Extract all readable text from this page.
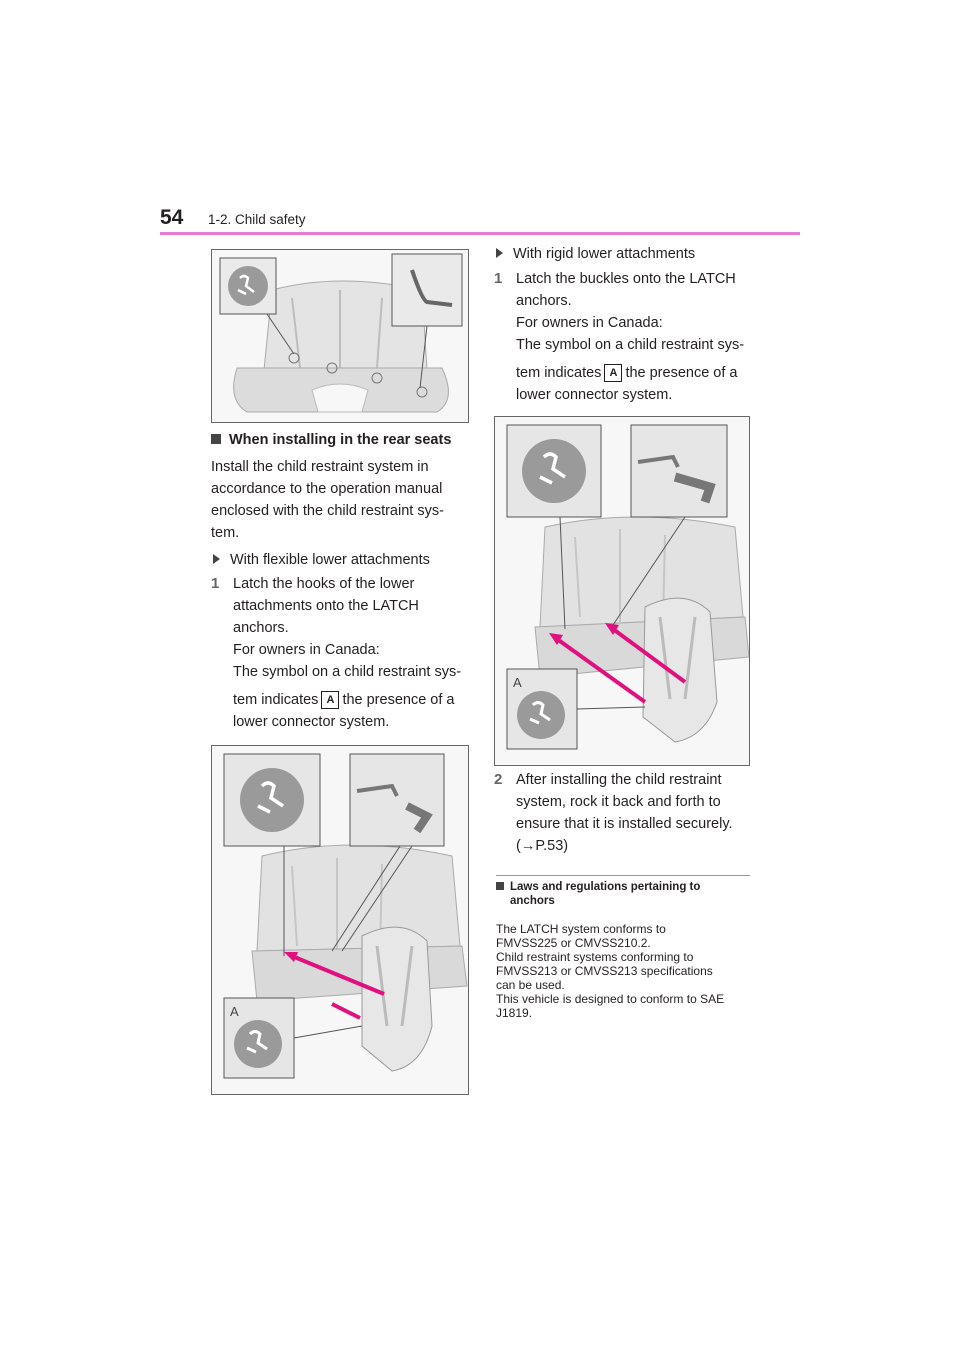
54 1-2. Child safety
When installing in the rear seats
Install the child restraint system in
accordance to the operation manual
enclosed with the child restraint sys-
tem.
With flexible lower attachments
1 Latch the hooks of the lower
attachments onto the LATCH
anchors.
For owners in Canada:
The symbol on a child restraint sys-
tem indicates A the presence of a
lower connector system.
A
With rigid lower attachments
1 Latch the buckles onto the LATCH
anchors.
For owners in Canada:
The symbol on a child restraint sys-
tem indicates A the presence of a
lower connector system.
A
2 After installing the child restraint
system, rock it back and forth to
ensure that it is installed securely.
(→P.53)
Laws and regulations pertaining to
anchors
The LATCH system conforms to
FMVSS225 or CMVSS210.2.
Child restraint systems conforming to
FMVSS213 or CMVSS213 specifications
can be used.
This vehicle is designed to conform to SAE
J1819.
